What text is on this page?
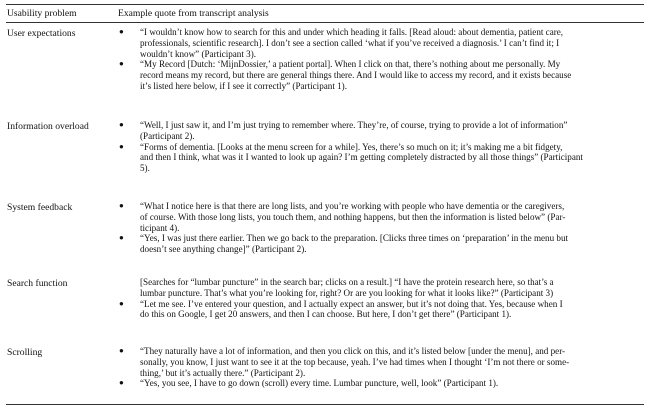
Usability problem	Example quote from transcript analysis
User expectations	● “I wouldn’t know how to search for this and under which heading it falls. [Read aloud: about dementia, patient care,
professionals, scientific research]. I don’t see a section called ‘what if you’ve received a diagnosis.’ I can’t find it; I
wouldn’t know” (Participant 3).
● “My Record [Dutch: ‘MijnDossier,’ a patient portal]. When I click on that, there’s nothing about me personally. My
record means my record, but there are general things there. And I would like to access my record, and it exists because
it’s listed here below, if I see it correctly” (Participant 1).
Information overload	● “Well, I just saw it, and I’m just trying to remember where. They’re, of course, trying to provide a lot of information”
(Participant 2).
● “Forms of dementia. [Looks at the menu screen for a while]. Yes, there’s so much on it; it’s making me a bit fidgety,
and then I think, what was it I wanted to look up again? I’m getting completely distracted by all those things” (Participant
5).
System feedback	● “What I notice here is that there are long lists, and you’re working with people who have dementia or the caregivers,
of course. With those long lists, you touch them, and nothing happens, but then the information is listed below” (Par-
ticipant 4).
● “Yes, I was just there earlier. Then we go back to the preparation. [Clicks three times on ‘preparation’ in the menu but
doesn’t see anything change]” (Participant 2).
Search function	[Searches for “lumbar puncture” in the search bar; clicks on a result.] “I have the protein research here, so that’s a
lumbar puncture. That’s what you’re looking for, right? Or are you looking for what it looks like?” (Participant 3)
● “Let me see. I’ve entered your question, and I actually expect an answer, but it’s not doing that. Yes, because when I
do this on Google, I get 20 answers, and then I can choose. But here, I don’t get there” (Participant 1).
Scrolling	● “They naturally have a lot of information, and then you click on this, and it’s listed below [under the menu], and per-
sonally, you know, I just want to see it at the top because, yeah. I’ve had times when I thought ‘I’m not there or some-
thing,’ but it’s actually there.” (Participant 2).
● “Yes, you see, I have to go down (scroll) every time. Lumbar puncture, well, look” (Participant 1).
